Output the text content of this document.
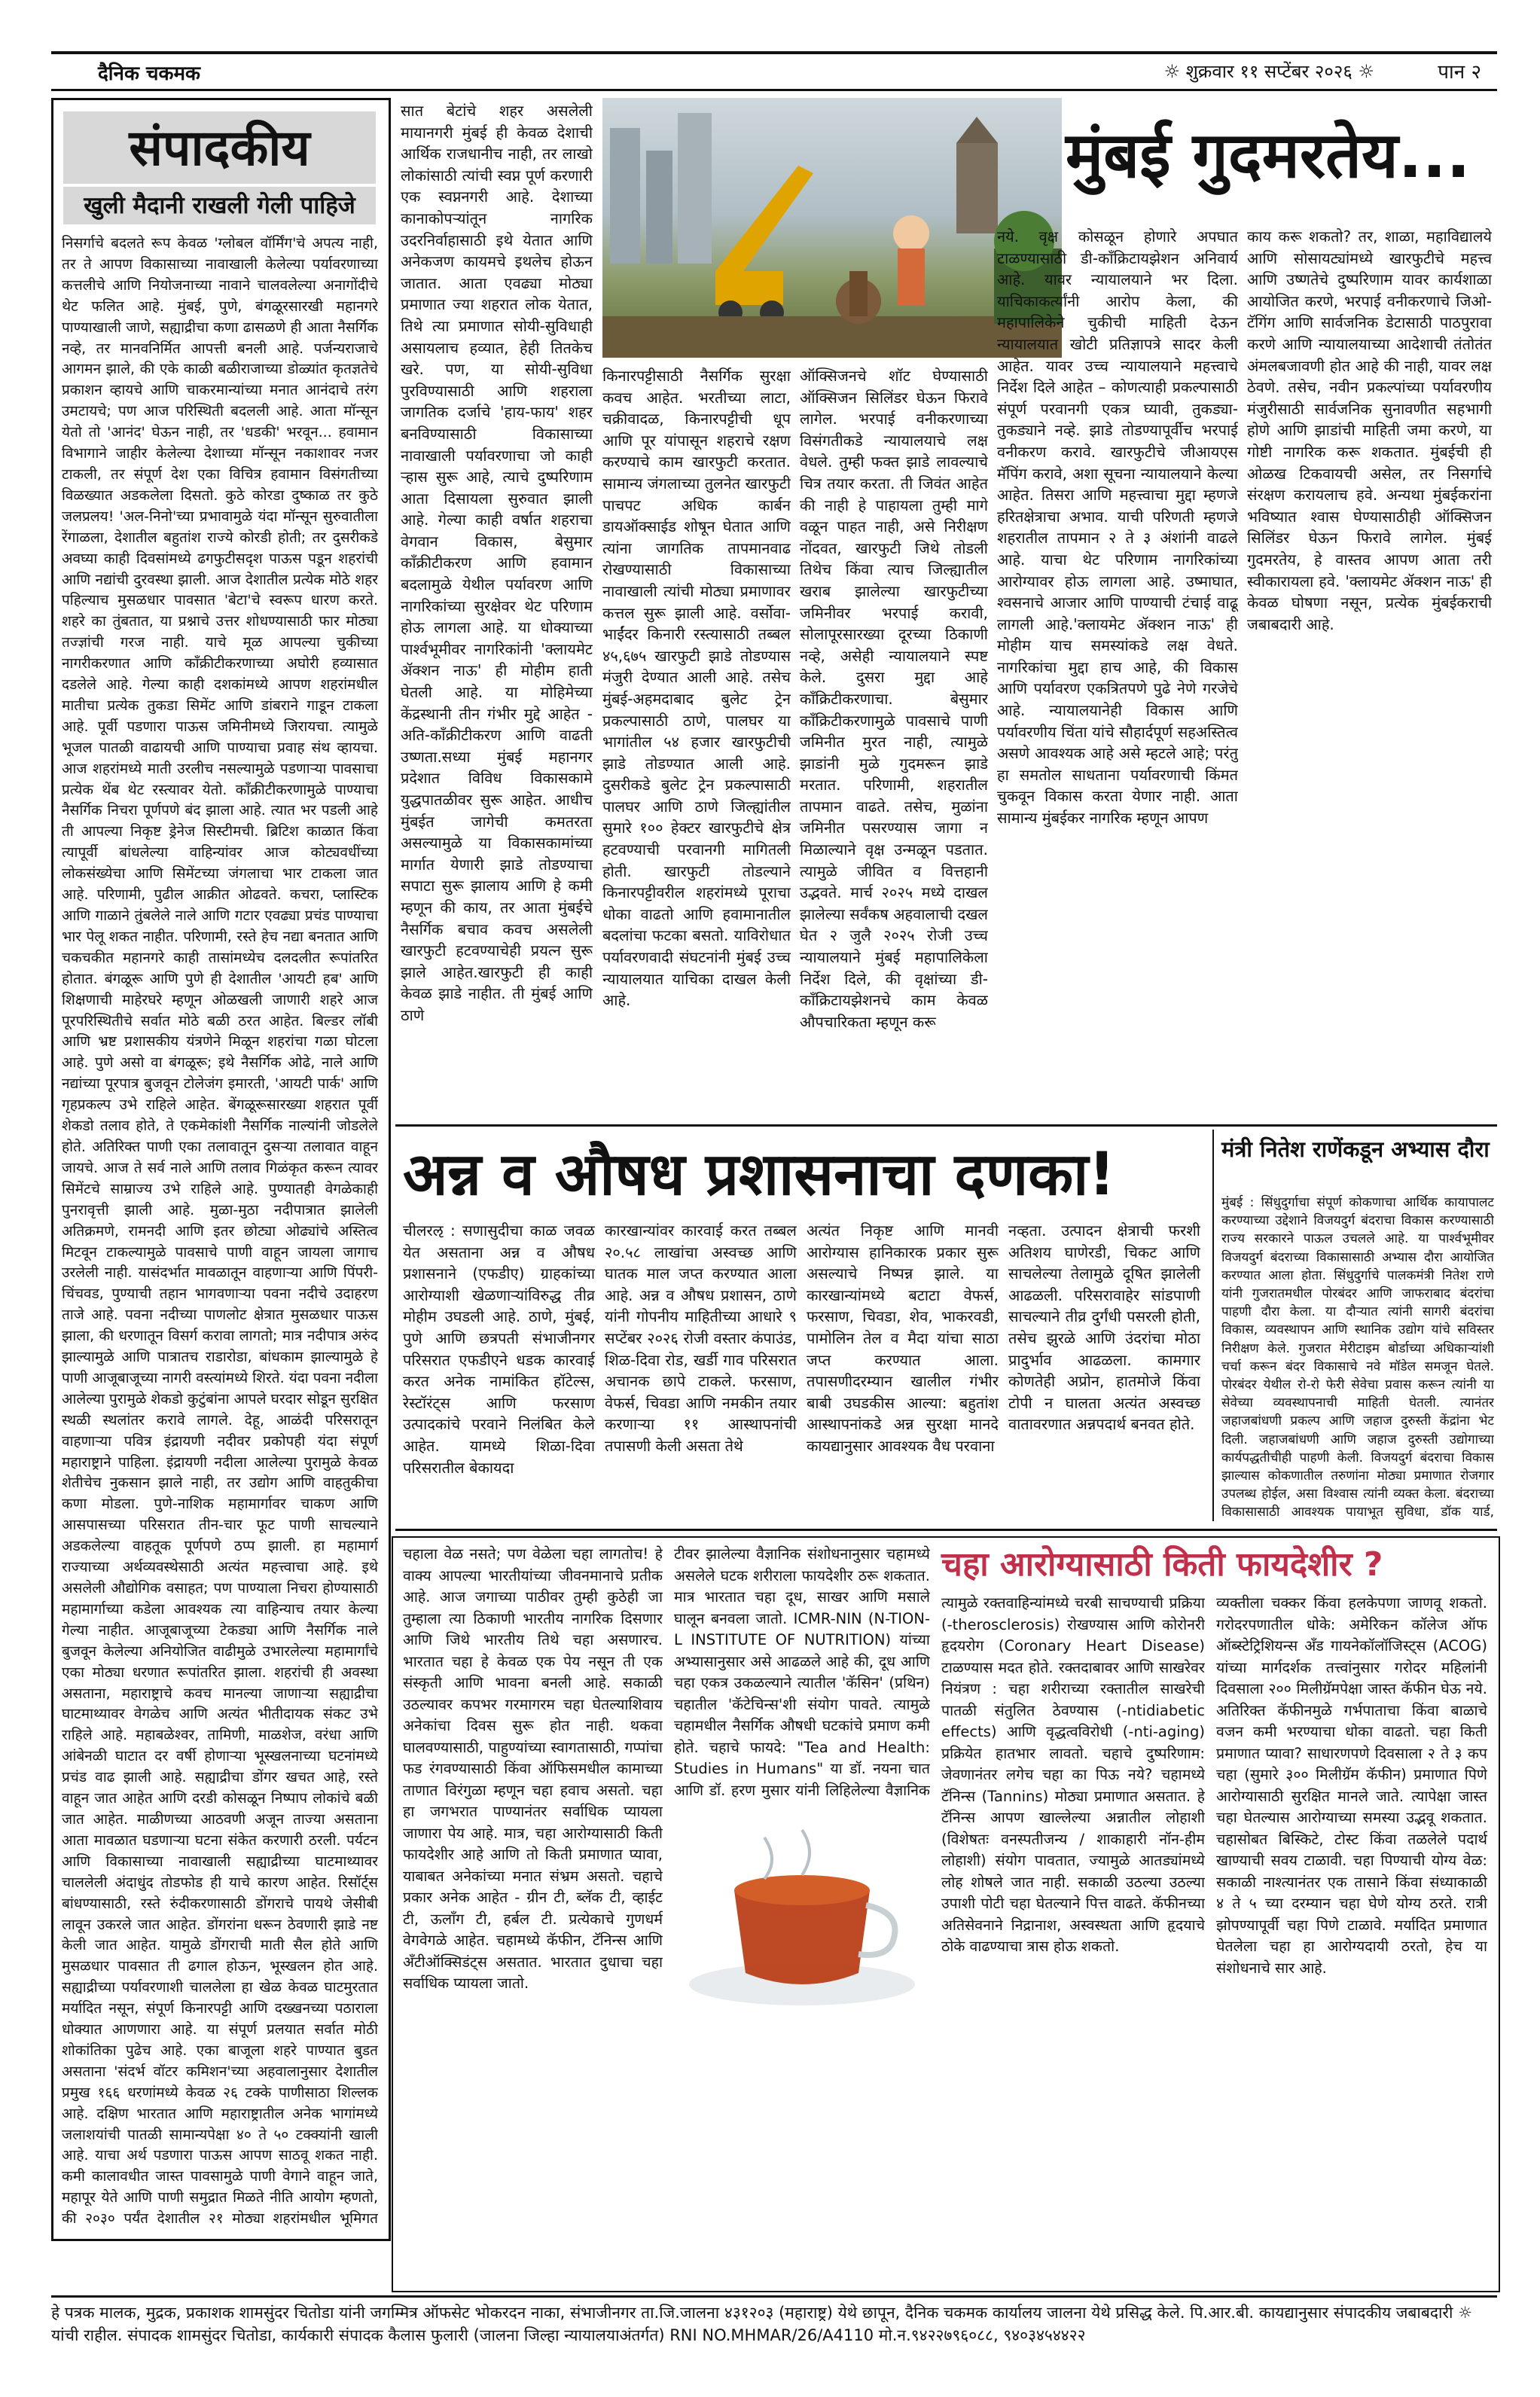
दैनिक चकमक	☼ शुक्रवार ११ सप्टेंबर २०२६ ☼	पान २
संपादकीय
खुली मैदानी राखली गेली पाहिजे
निसर्गाचे बदलते रूप केवळ 'ग्लोबल वॉर्मिंग'चे अपत्य नाही, तर ते आपण विकासाच्या नावाखाली केलेल्या पर्यावरणाच्या कत्तलीचे आणि नियोजनाच्या नावाने चालवलेल्या अनागोंदीचे थेट फलित आहे. मुंबई, पुणे, बंगळूरसारखी महानगरे पाण्याखाली जाणे, सह्याद्रीचा कणा ढासळणे ही आता नैसर्गिक नव्हे, तर मानवनिर्मित आपत्ती बनली आहे. पर्जन्यराजाचे आगमन झाले, की एके काळी बळीराजाच्या डोळ्यांत कृतज्ञतेचे प्रकाशन व्हायचे आणि चाकरमान्यांच्या मनात आनंदाचे तरंग उमटायचे; पण आज परिस्थिती बदलली आहे. आता मॉन्सून येतो तो 'आनंद' घेऊन नाही, तर 'धडकी' भरवून... हवामान विभागाने जाहीर केलेल्या देशाच्या मॉन्सून नकाशावर नजर टाकली, तर संपूर्ण देश एका विचित्र हवामान विसंगतीच्या विळख्यात अडकलेला दिसतो. कुठे कोरडा दुष्काळ तर कुठे जलप्रलय! 'अल-निनो'च्या प्रभावामुळे यंदा मॉन्सून सुरुवातीला रेंगाळला, देशातील बहुतांश राज्ये कोरडी होती; तर दुसरीकडे अवघ्या काही दिवसांमध्ये ढगफुटीसदृश पाऊस पडून शहरांची आणि नद्यांची दुरवस्था झाली. आज देशातील प्रत्येक मोठे शहर पहिल्याच मुसळधार पावसात 'बेटा'चे स्वरूप धारण करते. शहरे का तुंबतात, या प्रश्नाचे उत्तर शोधण्यासाठी फार मोठ्या तज्ज्ञांची गरज नाही. याचे मूळ आपल्या चुकीच्या नागरीकरणात आणि काँक्रीटीकरणाच्या अघोरी हव्यासात दडलेले आहे. गेल्या काही दशकांमध्ये आपण शहरांमधील मातीचा प्रत्येक तुकडा सिमेंट आणि डांबराने गाडून टाकला आहे. पूर्वी पडणारा पाऊस जमिनीमध्ये जिरायचा. त्यामुळे भूजल पातळी वाढायची आणि पाण्याचा प्रवाह संथ व्हायचा. आज शहरांमध्ये माती उरलीच नसल्यामुळे पडणाऱ्या पावसाचा प्रत्येक थेंब थेट रस्त्यावर येतो. काँक्रीटीकरणामुळे पाण्याचा नैसर्गिक निचरा पूर्णपणे बंद झाला आहे. त्यात भर पडली आहे ती आपल्या निकृष्ट ड्रेनेज सिस्टीमची. ब्रिटिश काळात किंवा त्यापूर्वी बांधलेल्या वाहिन्यांवर आज कोट्यवधींच्या लोकसंख्येचा आणि सिमेंटच्या जंगलाचा भार टाकला जात आहे. परिणामी, पुढील आक्रीत ओढवते. कचरा, प्लास्टिक आणि गाळाने तुंबलेले नाले आणि गटार एवढ्या प्रचंड पाण्याचा भार पेलू शकत नाहीत. परिणामी, रस्ते हेच नद्या बनतात आणि चकचकीत महानगरे काही तासांमध्येच दलदलीत रूपांतरित होतात. बंगळूरू आणि पुणे ही देशातील 'आयटी हब' आणि शिक्षणाची माहेरघरे म्हणून ओळखली जाणारी शहरे आज पूरपरिस्थितीचे सर्वात मोठे बळी ठरत आहेत. बिल्डर लॉबी आणि भ्रष्ट प्रशासकीय यंत्रणेने मिळून शहरांचा गळा घोटला आहे. पुणे असो वा बंगळूरू; इथे नैसर्गिक ओढे, नाले आणि नद्यांच्या पूरपात्र बुजवून टोलेजंग इमारती, 'आयटी पार्क' आणि गृहप्रकल्प उभे राहिले आहेत. बेंगळूरूसारख्या शहरात पूर्वी शेकडो तलाव होते, ते एकमेकांशी नैसर्गिक नाल्यांनी जोडलेले होते. अतिरिक्त पाणी एका तलावातून दुसऱ्या तलावात वाहून जायचे. आज ते सर्व नाले आणि तलाव गिळंकृत करून त्यावर सिमेंटचे साम्राज्य उभे राहिले आहे. पुण्यातही वेगळेकाही पुनरावृत्ती झाली आहे. मुळा-मुठा नदीपात्रात झालेली अतिक्रमणे, रामनदी आणि इतर छोट्या ओढ्यांचे अस्तित्व मिटवून टाकल्यामुळे पावसाचे पाणी वाहून जायला जागाच उरलेली नाही. यासंदर्भात मावळातून वाहणाऱ्या आणि पिंपरी-चिंचवड, पुण्याची तहान भागवणाऱ्या पवना नदीचे उदाहरण ताजे आहे. पवना नदीच्या पाणलोट क्षेत्रात मुसळधार पाऊस झाला, की धरणातून विसर्ग करावा लागतो; मात्र नदीपात्र अरुंद झाल्यामुळे आणि पात्रातच राडारोडा, बांधकाम झाल्यामुळे हे पाणी आजूबाजूच्या नागरी वस्त्यांमध्ये शिरते. यंदा पवना नदीला आलेल्या पुरामुळे शेकडो कुटुंबांना आपले घरदार सोडून सुरक्षित स्थळी स्थलांतर करावे लागले. देहू, आळंदी परिसरातून वाहणाऱ्या पवित्र इंद्रायणी नदीवर प्रकोपही यंदा संपूर्ण महाराष्ट्राने पाहिला. इंद्रायणी नदीला आलेल्या पुरामुळे केवळ शेतीचेच नुकसान झाले नाही, तर उद्योग आणि वाहतुकीचा कणा मोडला. पुणे-नाशिक महामार्गावर चाकण आणि आसपासच्या परिसरात तीन-चार फूट पाणी साचल्याने अडकलेल्या वाहतूक पूर्णपणे ठप्प झाली. हा महामार्ग राज्याच्या अर्थव्यवस्थेसाठी अत्यंत महत्त्वाचा आहे. इथे असलेली औद्योगिक वसाहत; पण पाण्याला निचरा होण्यासाठी महामार्गाच्या कडेला आवश्यक त्या वाहिन्याच तयार केल्या गेल्या नाहीत. आजूबाजूच्या टेकड्या आणि नैसर्गिक नाले बुजवून केलेल्या अनियोजित वाढीमुळे उभारलेल्या महामार्गांचे एका मोठ्या धरणात रूपांतरित झाला. शहरांची ही अवस्था असताना, महाराष्ट्राचे कवच मानल्या जाणाऱ्या सह्याद्रीचा घाटमाथ्यावर वेगळेच आणि अत्यंत भीतीदायक संकट उभे राहिले आहे. महाबळेश्वर, तामिणी, माळशेज, वरंधा आणि आंबेनळी घाटात दर वर्षी होणाऱ्या भूस्खलनाच्या घटनांमध्ये प्रचंड वाढ झाली आहे. सह्याद्रीचा डोंगर खचत आहे, रस्ते वाहून जात आहेत आणि दरडी कोसळून निष्पाप लोकांचे बळी जात आहेत. माळीणच्या आठवणी अजून ताज्या असताना आता मावळात घडणाऱ्या घटना संकेत करणारी ठरली. पर्यटन आणि विकासाच्या नावाखाली सह्याद्रीच्या घाटमाथ्यावर चाललेली अंदाधुंद तोडफोड ही याचे कारण आहेत. रिसॉर्ट्स बांधण्यासाठी, रस्ते रुंदीकरणासाठी डोंगराचे पायथे जेसीबी लावून उकरले जात आहेत. डोंगरांना धरून ठेवणारी झाडे नष्ट केली जात आहेत. यामुळे डोंगराची माती सैल होते आणि मुसळधार पावसात ती ढगाल होऊन, भूस्खलन होत आहे. सह्याद्रीच्या पर्यावरणाशी चाललेला हा खेळ केवळ घाटमुरतात मर्यादित नसून, संपूर्ण किनारपट्टी आणि दख्खनच्या पठाराला धोक्यात आणणारा आहे. या संपूर्ण प्रलयात सर्वात मोठी शोकांतिका पुढेच आहे. एका बाजूला शहरे पाण्यात बुडत असताना 'संदर्भ वॉटर कमिशन'च्या अहवालानुसार देशातील प्रमुख १६६ धरणांमध्ये केवळ २६ टक्के पाणीसाठा शिल्लक आहे. दक्षिण भारतात आणि महाराष्ट्रातील अनेक भागांमध्ये जलाशयांची पातळी सामान्यपेक्षा ४० ते ५० टक्क्यांनी खाली आहे. याचा अर्थ पडणारा पाऊस आपण साठवू शकत नाही. कमी कालावधीत जास्त पावसामुळे पाणी वेगाने वाहून जाते, महापूर येते आणि पाणी समुद्रात मिळते नीति आयोग म्हणतो, की २०३० पर्यंत देशातील २१ मोठ्या शहरांमधील भूमिगत
सात बेटांचे शहर असलेली मायानगरी मुंबई ही केवळ देशाची आर्थिक राजधानीच नाही, तर लाखो लोकांसाठी त्यांची स्वप्न पूर्ण करणारी एक स्वप्ननगरी आहे. देशाच्या कानाकोपऱ्यांतून नागरिक उदरनिर्वाहासाठी इथे येतात आणि अनेकजण कायमचे इथलेच होऊन जातात. आता एवढ्या मोठ्या प्रमाणात ज्या शहरात लोक येतात, तिथे त्या प्रमाणात सोयी-सुविधाही असायलाच हव्यात, हेही तितकेच खरे. पण, या सोयी-सुविधा पुरविण्यासाठी आणि शहराला जागतिक दर्जाचे 'हाय-फाय' शहर बनविण्यासाठी विकासाच्या नावाखाली पर्यावरणाचा जो काही ऱ्हास सुरू आहे, त्याचे दुष्परिणाम आता दिसायला सुरुवात झाली आहे. गेल्या काही वर्षात शहराचा वेगवान विकास, बेसुमार काँक्रीटीकरण आणि हवामान बदलामुळे येथील पर्यावरण आणि नागरिकांच्या सुरक्षेवर थेट परिणाम होऊ लागला आहे. या धोक्याच्या पार्श्वभूमीवर नागरिकांनी 'क्लायमेट ॲक्शन नाऊ' ही मोहीम हाती घेतली आहे. या मोहिमेच्या केंद्रस्थानी तीन गंभीर मुद्दे आहेत - अति-काँक्रीटीकरण आणि वाढती उष्णता.सध्या मुंबई महानगर प्रदेशात विविध विकासकामे युद्धपातळीवर सुरू आहेत. आधीच मुंबईत जागेची कमतरता असल्यामुळे या विकासकामांच्या मार्गात येणारी झाडे तोडण्याचा सपाटा सुरू झालाय आणि हे कमी म्हणून की काय, तर आता मुंबईचे नैसर्गिक बचाव कवच असलेली खारफुटी हटवण्याचेही प्रयत्न सुरू झाले आहेत.खारफुटी ही काही केवळ झाडे नाहीत. ती मुंबई आणि ठाणे
मुंबई गुदमरतेय...
किनारपट्टीसाठी नैसर्गिक सुरक्षा कवच आहेत. भरतीच्या लाटा, चक्रीवादळ, किनारपट्टीची धूप आणि पूर यांपासून शहराचे रक्षण करण्याचे काम खारफुटी करतात. सामान्य जंगलाच्या तुलनेत खारफुटी पाचपट अधिक कार्बन डायऑक्साईड शोषून घेतात आणि त्यांना जागतिक तापमानवाढ रोखण्यासाठी विकासाच्या नावाखाली त्यांची मोठ्या प्रमाणावर कत्तल सुरू झाली आहे. वर्सोवा-भाईंदर किनारी रस्त्यासाठी तब्बल ४५,६७५ खारफुटी झाडे तोडण्यास मंजुरी देण्यात आली आहे. तसेच मुंबई-अहमदाबाद बुलेट ट्रेन प्रकल्पासाठी ठाणे, पालघर या भागांतील ५४ हजार खारफुटीची झाडे तोडण्यात आली आहे. दुसरीकडे बुलेट ट्रेन प्रकल्पासाठी पालघर आणि ठाणे जिल्ह्यांतील सुमारे १०० हेक्टर खारफुटीचे क्षेत्र हटवण्याची परवानगी मागितली होती. खारफुटी तोडल्याने किनारपट्टीवरील शहरांमध्ये पूराचा धोका वाढतो आणि हवामानातील बदलांचा फटका बसतो. याविरोधात पर्यावरणवादी संघटनांनी मुंबई उच्च न्यायालयात याचिका दाखल केली आहे.
ऑक्सिजनचे शॉट घेण्यासाठी ऑक्सिजन सिलिंडर घेऊन फिरावे लागेल. भरपाई वनीकरणाच्या विसंगतीकडे न्यायालयाचे लक्ष वेधले. तुम्ही फक्त झाडे लावल्याचे चित्र तयार करता. ती जिवंत आहेत की नाही हे पाहायला तुम्ही मागे वळून पाहत नाही, असे निरीक्षण नोंदवत, खारफुटी जिथे तोडली तिथेच किंवा त्याच जिल्ह्यातील खराब झालेल्या खारफुटीच्या जमिनीवर भरपाई करावी, सोलापूरसारख्या दूरच्या ठिकाणी नव्हे, असेही न्यायालयाने स्पष्ट केले. दुसरा मुद्दा आहे काँक्रिटीकरणाचा. बेसुमार काँक्रिटीकरणामुळे पावसाचे पाणी जमिनीत मुरत नाही, त्यामुळे झाडांनी मुळे गुदमरून झाडे मरतात. परिणामी, शहरातील तापमान वाढते. तसेच, मुळांना जमिनीत पसरण्यास जागा न मिळाल्याने वृक्ष उन्मळून पडतात. त्यामुळे जीवित व वित्तहानी उद्भवते. मार्च २०२५ मध्ये दाखल झालेल्या सर्वंकष अहवालाची दखल घेत २ जुलै २०२५ रोजी उच्च न्यायालयाने मुंबई महापालिकेला निर्देश दिले, की वृक्षांच्या डी-काँक्रिटायझेशनचे काम केवळ औपचारिकता म्हणून करू
नये. वृक्ष कोसळून होणारे अपघात टाळण्यासाठी डी-काँक्रिटायझेशन अनिवार्य आहे. यावर न्यायालयाने भर दिला. याचिकाकर्त्यांनी आरोप केला, की महापालिकेने चुकीची माहिती देऊन न्यायालयात खोटी प्रतिज्ञापत्रे सादर केली आहेत. यावर उच्च न्यायालयाने महत्त्वाचे निर्देश दिले आहेत – कोणत्याही प्रकल्पासाठी संपूर्ण परवानगी एकत्र घ्यावी, तुकड्या-तुकड्याने नव्हे. झाडे तोडण्यापूर्वीच भरपाई वनीकरण करावे. खारफुटीचे जीआयएस मॅपिंग करावे, अशा सूचना न्यायालयाने केल्या आहेत. तिसरा आणि महत्त्वाचा मुद्दा म्हणजे हरितक्षेत्राचा अभाव. याची परिणती म्हणजे शहरातील तापमान २ ते ३ अंशांनी वाढले आहे. याचा थेट परिणाम नागरिकांच्या आरोग्यावर होऊ लागला आहे. उष्माघात, श्वसनाचे आजार आणि पाण्याची टंचाई वाढू लागली आहे.'क्लायमेट ॲक्शन नाऊ' ही मोहीम याच समस्यांकडे लक्ष वेधते. नागरिकांचा मुद्दा हाच आहे, की विकास आणि पर्यावरण एकत्रितपणे पुढे नेणे गरजेचे आहे. न्यायालयानेही विकास आणि पर्यावरणीय चिंता यांचे सौहार्दपूर्ण सहअस्तित्व असणे आवश्यक आहे असे म्हटले आहे; परंतु हा समतोल साधताना पर्यावरणाची किंमत चुकवून विकास करता येणार नाही. आता सामान्य मुंबईकर नागरिक म्हणून आपण
काय करू शकतो? तर, शाळा, महाविद्यालये आणि सोसायट्यांमध्ये खारफुटीचे महत्त्व आणि उष्णतेचे दुष्परिणाम यावर कार्यशाळा आयोजित करणे, भरपाई वनीकरणाचे जिओ-टॅगिंग आणि सार्वजनिक डेटासाठी पाठपुरावा करणे आणि न्यायालयाच्या आदेशाची तंतोतंत अंमलबजावणी होत आहे की नाही, यावर लक्ष ठेवणे. तसेच, नवीन प्रकल्पांच्या पर्यावरणीय मंजुरीसाठी सार्वजनिक सुनावणीत सहभागी होणे आणि झाडांची माहिती जमा करणे, या गोष्टी नागरिक करू शकतात. मुंबईची ही ओळख टिकवायची असेल, तर निसर्गाचे संरक्षण करायलाच हवे. अन्यथा मुंबईकरांना भविष्यात श्वास घेण्यासाठीही ऑक्सिजन सिलिंडर घेऊन फिरावे लागेल. मुंबई गुदमरतेय, हे वास्तव आपण आता तरी स्वीकारायला हवे. 'क्लायमेट ॲक्शन नाऊ' ही केवळ घोषणा नसून, प्रत्येक मुंबईकराची जबाबदारी आहे.
अन्न व औषध प्रशासनाचा दणका!
चीलरऌ : सणासुदीचा काळ जवळ येत असताना अन्न व औषध प्रशासनाने (एफडीए) ग्राहकांच्या आरोग्याशी खेळणाऱ्यांविरुद्ध तीव्र मोहीम उघडली आहे. ठाणे, मुंबई, पुणे आणि छत्रपती संभाजीनगर परिसरात एफडीएने धडक कारवाई करत अनेक नामांकित हॉटेल्स, रेस्टॉरंट्स आणि फरसाण उत्पादकांचे परवाने निलंबित केले आहेत. यामध्ये शिळा-दिवा परिसरातील बेकायदा
कारखान्यांवर कारवाई करत तब्बल २०.५८ लाखांचा अस्वच्छ आणि घातक माल जप्त करण्यात आला आहे. अन्न व औषध प्रशासन, ठाणे यांनी गोपनीय माहितीच्या आधारे ९ सप्टेंबर २०२६ रोजी वस्तार कंपाउंड, शिळ-दिवा रोड, खर्डी गाव परिसरात अचानक छापे टाकले. फरसाण, वेफर्स, चिवडा आणि नमकीन तयार करणाऱ्या ११ आस्थापनांची तपासणी केली असता तेथे
अत्यंत निकृष्ट आणि मानवी आरोग्यास हानिकारक प्रकार सुरू असल्याचे निष्पन्न झाले. या कारखान्यांमध्ये बटाटा वेफर्स, फरसाण, चिवडा, शेव, भाकरवडी, पामोलिन तेल व मैदा यांचा साठा जप्त करण्यात आला. तपासणीदरम्यान खालील गंभीर बाबी उघडकीस आल्या: बहुतांश आस्थापनांकडे अन्न सुरक्षा मानदे कायद्यानुसार आवश्यक वैध परवाना
नव्हता. उत्पादन क्षेत्राची फरशी अतिशय घाणेरडी, चिकट आणि साचलेल्या तेलामुळे दूषित झालेली आढळली. परिसरावाहेर सांडपाणी साचल्याने तीव्र दुर्गंधी पसरली होती, तसेच झुरळे आणि उंदरांचा मोठा प्रादुर्भाव आढळला. कामगार कोणतेही अप्रोन, हातमोजे किंवा टोपी न घालता अत्यंत अस्वच्छ वातावरणात अन्नपदार्थ बनवत होते.
मंत्री नितेश राणेंकडून अभ्यास दौरा
मुंबई : सिंधुदुर्गाचा संपूर्ण कोकणाचा आर्थिक कायापालट करण्याच्या उद्देशाने विजयदुर्ग बंदराचा विकास करण्यासाठी राज्य सरकारने पाऊल उचलले आहे. या पार्श्वभूमीवर विजयदुर्ग बंदराच्या विकासासाठी अभ्यास दौरा आयोजित करण्यात आला होता. सिंधुदुर्गाचे पालकमंत्री नितेश राणे यांनी गुजरातमधील पोरबंदर आणि जाफराबाद बंदरांचा पाहणी दौरा केला. या दौऱ्यात त्यांनी सागरी बंदरांचा विकास, व्यवस्थापन आणि स्थानिक उद्योग यांचे सविस्तर निरीक्षण केले. गुजरात मेरीटाइम बोर्डाच्या अधिकाऱ्यांशी चर्चा करून बंदर विकासाचे नवे मॉडेल समजून घेतले. पोरबंदर येथील रो-रो फेरी सेवेचा प्रवास करून त्यांनी या सेवेच्या व्यवस्थापनाची माहिती घेतली. त्यानंतर जहाजबांधणी प्रकल्प आणि जहाज दुरुस्ती केंद्रांना भेट दिली. जहाजबांधणी आणि जहाज दुरुस्ती उद्योगाच्या कार्यपद्धतीचीही पाहणी केली. विजयदुर्ग बंदराचा विकास झाल्यास कोकणातील तरुणांना मोठ्या प्रमाणात रोजगार उपलब्ध होईल, असा विश्वास त्यांनी व्यक्त केला. बंदराच्या विकासासाठी आवश्यक पायाभूत सुविधा, डॉक यार्ड,
चहाला वेळ नसते; पण वेळेला चहा लागतोच! हे वाक्य आपल्या भारतीयांच्या जीवनमानाचे प्रतीक आहे. आज जगाच्या पाठीवर तुम्ही कुठेही जा तुम्हाला त्या ठिकाणी भारतीय नागरिक दिसणार आणि जिथे भारतीय तिथे चहा असणारच. भारतात चहा हे केवळ एक पेय नसून ती एक संस्कृती आणि भावना बनली आहे. सकाळी उठल्यावर कपभर गरमागरम चहा घेतल्याशिवाय अनेकांचा दिवस सुरू होत नाही. थकवा घालवण्यासाठी, पाहुण्यांच्या स्वागतासाठी, गप्पांचा फड रंगवण्यासाठी किंवा ऑफिसमधील कामाच्या ताणात विरंगुळा म्हणून चहा हवाच असतो. चहा हा जगभरात पाण्यानंतर सर्वाधिक प्यायला जाणारा पेय आहे. मात्र, चहा आरोग्यासाठी किती फायदेशीर आहे आणि तो किती प्रमाणात प्यावा, याबाबत अनेकांच्या मनात संभ्रम असतो. चहाचे प्रकार अनेक आहेत - ग्रीन टी, ब्लॅक टी, व्हाईट टी, ऊलाँग टी, हर्बल टी. प्रत्येकाचे गुणधर्म वेगवेगळे आहेत. चहामध्ये कॅफीन, टॅनिन्स आणि अँटीऑक्सिडंट्स असतात. भारतात दुधाचा चहा सर्वाधिक प्यायला जातो.
टीवर झालेल्या वैज्ञानिक संशोधनानुसार चहामध्ये असलेले घटक शरीराला फायदेशीर ठरू शकतात. मात्र भारतात चहा दूध, साखर आणि मसाले घालून बनवला जातो. ICMR-NIN (N-TION-L INSTITUTE OF NUTRITION) यांच्या अभ्यासानुसार असे आढळले आहे की, दूध आणि चहा एकत्र उकळल्याने त्यातील 'कॅसिन' (प्रथिन) चहातील 'कॅटेचिन्स'शी संयोग पावते. त्यामुळे चहामधील नैसर्गिक औषधी घटकांचे प्रमाण कमी होते. चहाचे फायदे: "Tea and Health: Studies in Humans" या डॉ. नयना चात आणि डॉ. हरण मुसार यांनी लिहिलेल्या वैज्ञानिक
चहा आरोग्यासाठी किती फायदेशीर ?
त्यामुळे रक्तवाहिन्यांमध्ये चरबी साचण्याची प्रक्रिया (-therosclerosis) रोखण्यास आणि कोरोनरी हृदयरोग (Coronary Heart Disease) टाळण्यास मदत होते. रक्तदाबावर आणि साखरेवर नियंत्रण : चहा शरीराच्या रक्तातील साखरेची पातळी संतुलित ठेवण्यास (-ntidiabetic effects) आणि वृद्धत्वविरोधी (-nti-aging) प्रक्रियेत हातभार लावतो. चहाचे दुष्परिणाम: जेवणानंतर लगेच चहा का पिऊ नये? चहामध्ये टॅनिन्स (Tannins) मोठ्या प्रमाणात असतात. हे टॅनिन्स आपण खाल्लेल्या अन्नातील लोहाशी (विशेषतः वनस्पतीजन्य / शाकाहारी नॉन-हीम लोहाशी) संयोग पावतात, ज्यामुळे आतड्यांमध्ये लोह शोषले जात नाही. सकाळी उठल्या उठल्या उपाशी पोटी चहा घेतल्याने पित्त वाढते. कॅफीनच्या अतिसेवनाने निद्रानाश, अस्वस्थता आणि हृदयाचे ठोके वाढण्याचा त्रास होऊ शकतो.
व्यक्तीला चक्कर किंवा हलकेपणा जाणवू शकतो. गरोदरपणातील धोके: अमेरिकन कॉलेज ऑफ ऑब्स्टेट्रिशियन्स ॲंड गायनेकॉलॉजिस्ट्स (ACOG) यांच्या मार्गदर्शक तत्त्वांनुसार गरोदर महिलांनी दिवसाला २०० मिलीग्रॅमपेक्षा जास्त कॅफीन घेऊ नये. अतिरिक्त कॅफीनमुळे गर्भपाताचा किंवा बाळाचे वजन कमी भरण्याचा धोका वाढतो. चहा किती प्रमाणात प्यावा? साधारणपणे दिवसाला २ ते ३ कप चहा (सुमारे ३०० मिलीग्रॅम कॅफीन) प्रमाणात पिणे आरोग्यासाठी सुरक्षित मानले जाते. त्यापेक्षा जास्त चहा घेतल्यास आरोग्याच्या समस्या उद्भवू शकतात. चहासोबत बिस्किटे, टोस्ट किंवा तळलेले पदार्थ खाण्याची सवय टाळावी. चहा पिण्याची योग्य वेळ: सकाळी नाश्त्यानंतर एक तासाने किंवा संध्याकाळी ४ ते ५ च्या दरम्यान चहा घेणे योग्य ठरते. रात्री झोपण्यापूर्वी चहा पिणे टाळावे. मर्यादित प्रमाणात घेतलेला चहा हा आरोग्यदायी ठरतो, हेच या संशोधनाचे सार आहे.
हे पत्रक मालक, मुद्रक, प्रकाशक शामसुंदर चितोडा यांनी जगम्मित्र ऑफसेट भोकरदन नाका, संभाजीनगर ता.जि.जालना ४३१२०३ (महाराष्ट्र) येथे छापून, दैनिक चकमक कार्यालय जालना येथे प्रसिद्ध केले. पि.आर.बी. कायद्यानुसार संपादकीय जबाबदारी ☼ यांची राहील. संपादक शामसुंदर चितोडा, कार्यकारी संपादक कैलास फुलारी (जालना जिल्हा न्यायालयाअंतर्गत) RNI NO.MHMAR/26/A4110 मो.न.९४२२७९६०८८, ९४०३४५४४२२
